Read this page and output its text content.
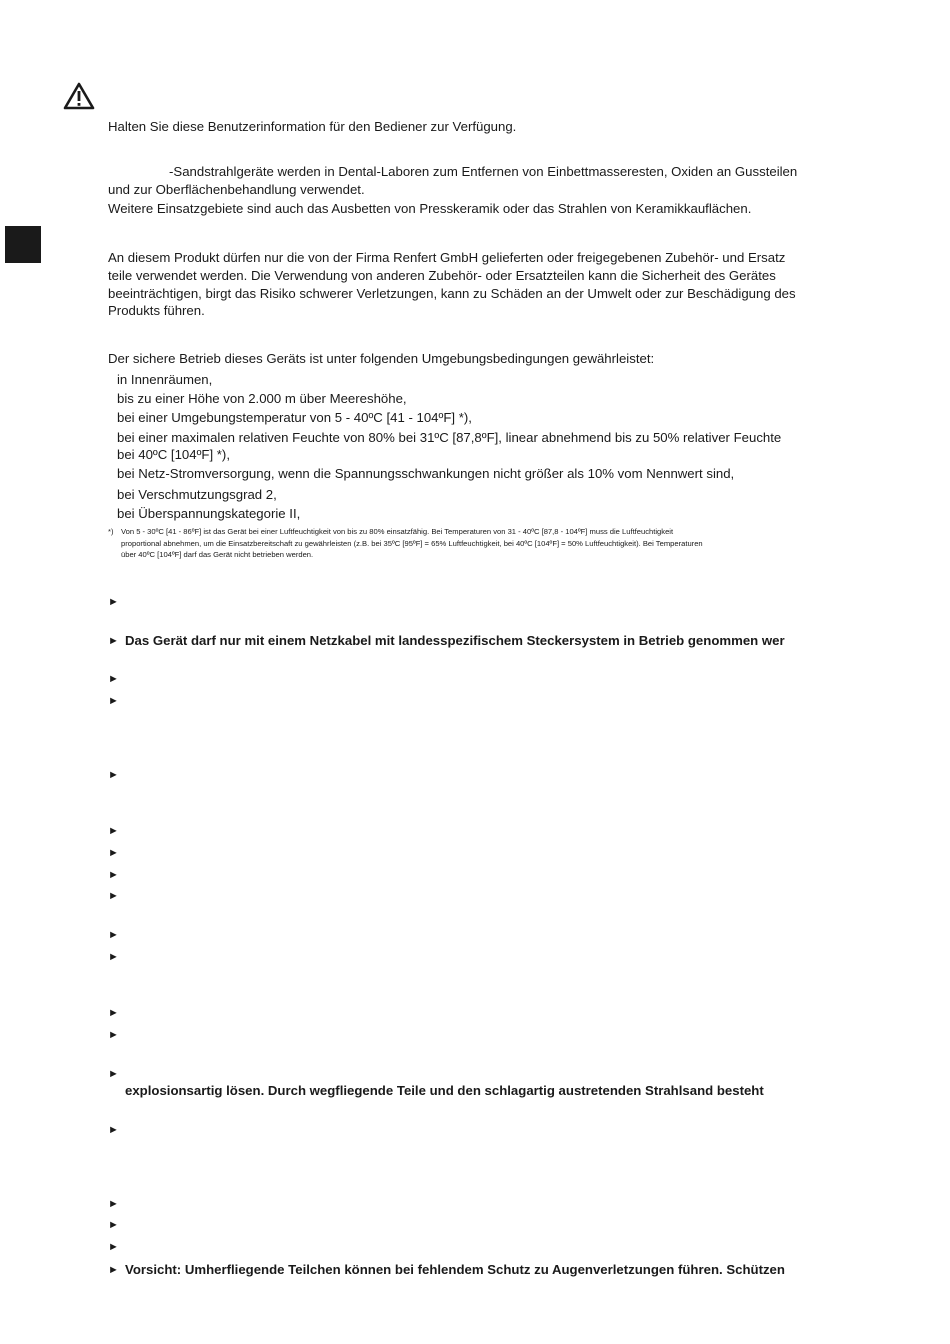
Halten Sie diese Benutzerinformation für den Bediener zur Verfügung.
-Sandstrahlgeräte werden in Dental-Laboren zum Entfernen von Einbettmasseresten, Oxiden an Gussteilen
und zur Oberflächenbehandlung verwendet.
Weitere Einsatzgebiete sind auch das Ausbetten von Presskeramik oder das Strahlen von Keramikkauflächen.
An diesem Produkt dürfen nur die von der Firma Renfert GmbH gelieferten oder freigegebenen Zubehör- und Ersatz
teile verwendet werden. Die Verwendung von anderen Zubehör- oder Ersatzteilen kann die Sicherheit des Gerätes
beeinträchtigen, birgt das Risiko schwerer Verletzungen, kann zu Schäden an der Umwelt oder zur Beschädigung des
Produkts führen.
Der sichere Betrieb dieses Geräts ist unter folgenden Umgebungsbedingungen gewährleistet:
in Innenräumen,
bis zu einer Höhe von 2.000 m über Meereshöhe,
bei einer Umgebungstemperatur von 5 - 40ºC [41 - 104ºF] *),
bei einer maximalen relativen Feuchte von 80% bei 31ºC [87,8ºF], linear abnehmend bis zu 50% relativer Feuchte
bei 40ºC [104ºF] *),
bei Netz-Stromversorgung, wenn die Spannungsschwankungen nicht größer als 10% vom Nennwert sind,
bei Verschmutzungsgrad 2,
bei Überspannungskategorie II,
*) Von 5 - 30ºC [41 - 86ºF] ist das Gerät bei einer Luftfeuchtigkeit von bis zu 80% einsatzfähig. Bei Temperaturen von 31 - 40ºC [87,8 - 104ºF] muss die Luftfeuchtigkeit
proportional abnehmen, um die Einsatzbereitschaft zu gewährleisten (z.B. bei 35ºC [95ºF] = 65% Luftfeuchtigkeit, bei 40ºC [104ºF] = 50% Luftfeuchtigkeit). Bei Temperaturen
über 40ºC [104ºF] darf das Gerät nicht betrieben werden.
►
► Das Gerät darf nur mit einem Netzkabel mit landesspezifischem Steckersystem in Betrieb genommen wer
►
►
►
►
►
►
►
►
►
►
►
►
explosionsartig lösen. Durch wegfliegende Teile und den schlagartig austretenden Strahlsand besteht
►
►
►
►
► Vorsicht: Umherfliegende Teilchen können bei fehlendem Schutz zu Augenverletzungen führen. Schützen
